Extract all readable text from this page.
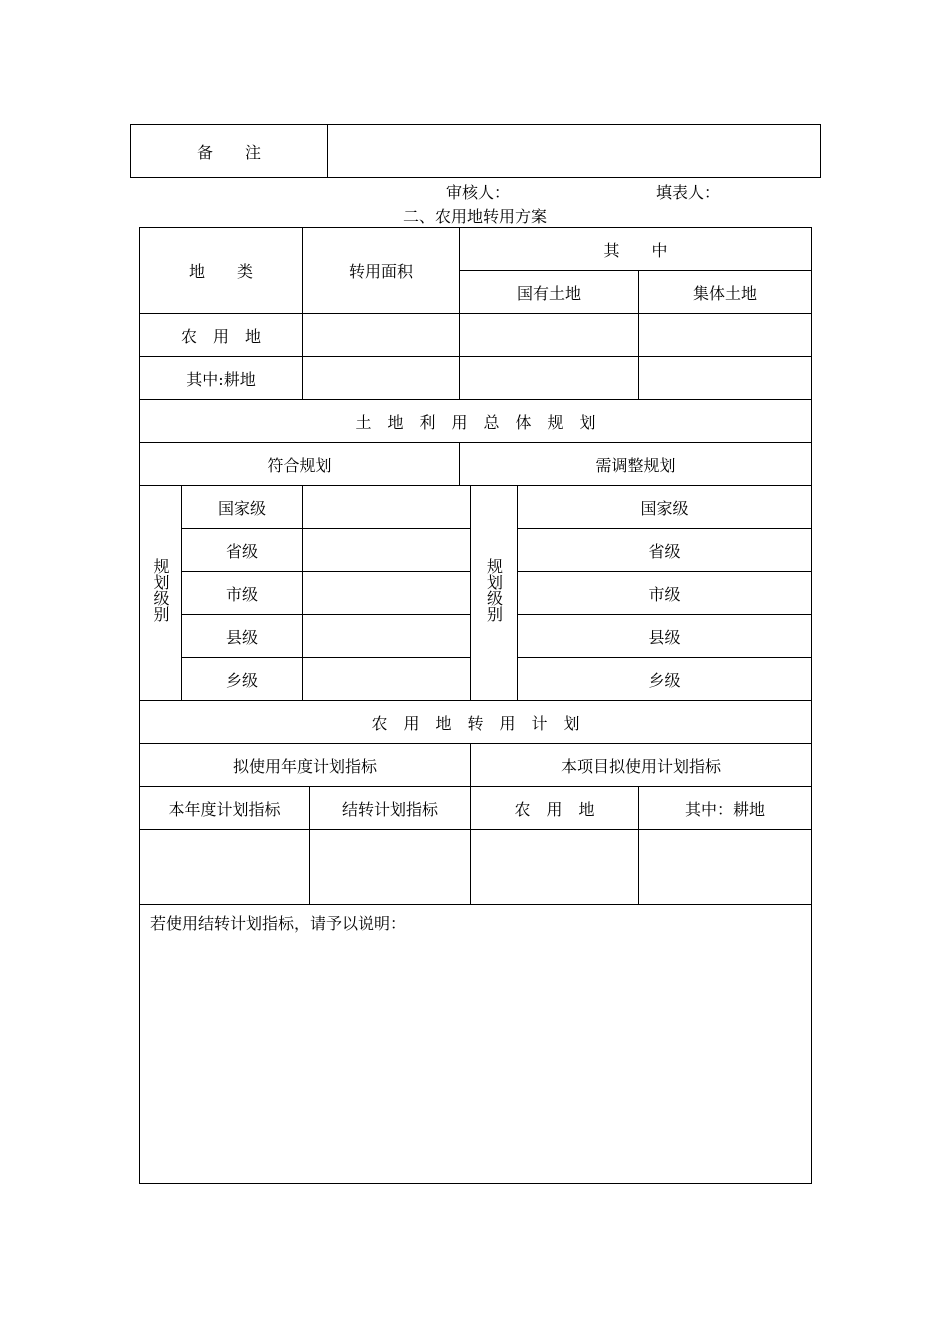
备　　注	
审核人：	填表人：
二、农用地转用方案
地　　类		转用面积		其　　中				
				国有土地			集体土地	
农　用　地								
其中:耕地								
土　地　利　用　总　体　规　划								
符合规划				需调整规划				
规划级别	国家级				规划级别	国家级		
	省级					省级		
	市级					市级		
	县级					县级		
	乡级					乡级		
农　用　地　转　用　计　划								
拟使用年度计划指标					本项目拟使用计划指标			
本年度计划指标			结转计划指标		农　用　地		其中：耕地	

若使用结转计划指标，请予以说明：								
